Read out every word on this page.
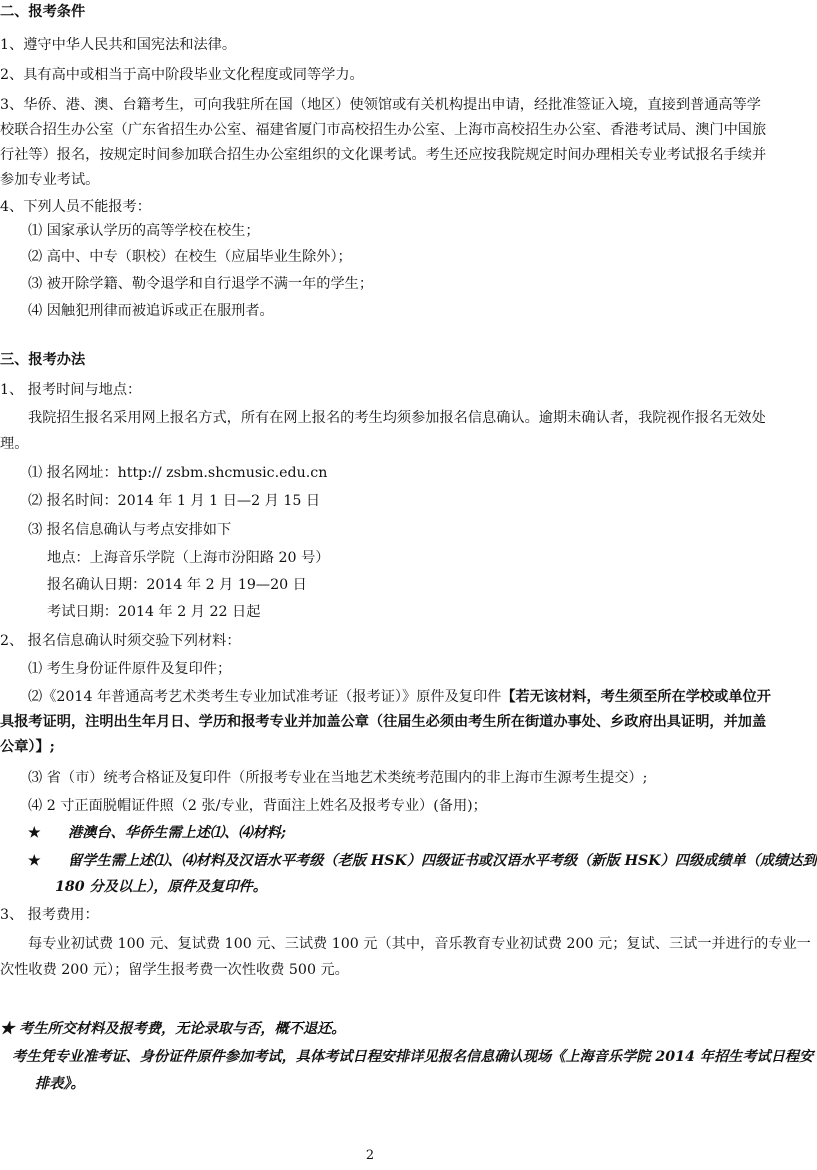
二、报考条件
1、遵守中华人民共和国宪法和法律。
2、具有高中或相当于高中阶段毕业文化程度或同等学力。
3、华侨、港、澳、台籍考生，可向我驻所在国（地区）使领馆或有关机构提出申请，经批准签证入境，直接到普通高等学
校联合招生办公室（广东省招生办公室、福建省厦门市高校招生办公室、上海市高校招生办公室、香港考试局、澳门中国旅
行社等）报名，按规定时间参加联合招生办公室组织的文化课考试。考生还应按我院规定时间办理相关专业考试报名手续并
参加专业考试。
4、下列人员不能报考：
⑴ 国家承认学历的高等学校在校生；
⑵ 高中、中专（职校）在校生（应届毕业生除外）；
⑶ 被开除学籍、勒令退学和自行退学不满一年的学生；
⑷ 因触犯刑律而被追诉或正在服刑者。
三、报考办法
1、 报考时间与地点：
我院招生报名采用网上报名方式，所有在网上报名的考生均须参加报名信息确认。逾期未确认者，我院视作报名无效处
理。
⑴ 报名网址：http:// zsbm.shcmusic.edu.cn
⑵ 报名时间：2014 年 1 月 1 日—2 月 15 日
⑶ 报名信息确认与考点安排如下
地点：上海音乐学院（上海市汾阳路 20 号）
报名确认日期：2014 年 2 月 19—20 日
考试日期：2014 年 2 月 22 日起
2、 报名信息确认时须交验下列材料：
⑴ 考生身份证件原件及复印件；
⑵《2014 年普通高考艺术类考生专业加试准考证（报考证）》原件及复印件【若无该材料，考生须至所在学校或单位开
具报考证明，注明出生年月日、学历和报考专业并加盖公章（往届生必须由考生所在街道办事处、乡政府出具证明，并加盖
公章）】;
⑶ 省（市）统考合格证及复印件（所报考专业在当地艺术类统考范围内的非上海市生源考生提交）;
⑷ 2 寸正面脱帽证件照（2 张/专业，背面注上姓名及报考专业）(备用)；
★ 港澳台、华侨生需上述⑴、⑷材料;
★ 留学生需上述⑴、⑷材料及汉语水平考级（老版 HSK）四级证书或汉语水平考级（新版 HSK）四级成绩单（成绩达到
180 分及以上），原件及复印件。
3、 报考费用：
每专业初试费 100 元、复试费 100 元、三试费 100 元（其中，音乐教育专业初试费 200 元；复试、三试一并进行的专业一
次性收费 200 元）；留学生报考费一次性收费 500 元。
★ 考生所交材料及报考费，无论录取与否，概不退还。
考生凭专业准考证、身份证件原件参加考试，具体考试日程安排详见报名信息确认现场《上海音乐学院 2014 年招生考试日程安
排表》。
2
